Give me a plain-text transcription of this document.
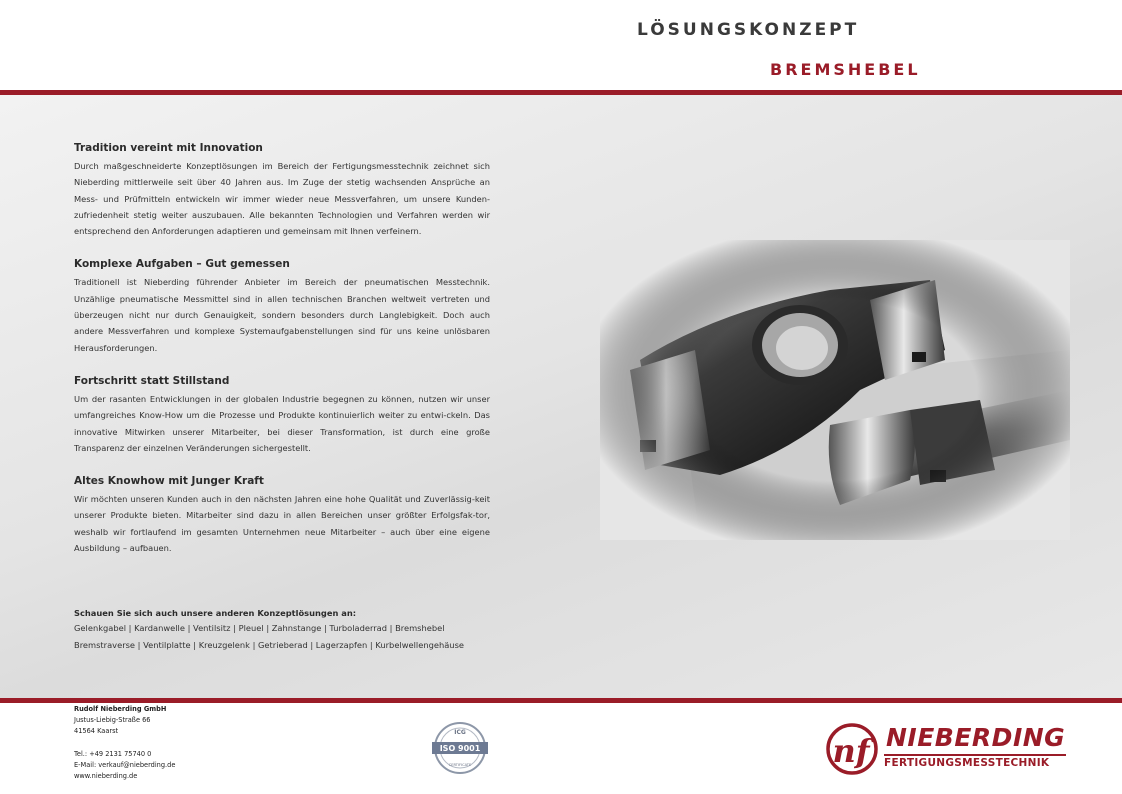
LÖSUNGSKONZEPT
BREMSHEBEL
Tradition vereint mit Innovation

Durch maßgeschneiderte Konzeptlösungen im Bereich der Fertigungsmesstechnik zeichnet sich Nieberding mittlerweile seit über 40 Jahren aus. Im Zuge der stetig wachsenden Ansprüche an Mess- und Prüfmitteln entwickeln wir immer wieder neue Messverfahren, um unsere Kunden-zufriedenheit stetig weiter auszubauen. Alle bekannten Technologien und Verfahren werden wir entsprechend den Anforderungen adaptieren und gemeinsam mit Ihnen verfeinern.

Komplexe Aufgaben – Gut gemessen

Traditionell ist Nieberding führender Anbieter im Bereich der pneumatischen Messtechnik. Unzählige pneumatische Messmittel sind in allen technischen Branchen weltweit vertreten und überzeugen nicht nur durch Genauigkeit, sondern besonders durch Langlebigkeit. Doch auch andere Messverfahren und komplexe Systemaufgabenstellungen sind für uns keine unlösbaren Herausforderungen.

Fortschritt statt Stillstand

Um der rasanten Entwicklungen in der globalen Industrie begegnen zu können, nutzen wir unser umfangreiches Know-How um die Prozesse und Produkte kontinuierlich weiter zu entwi-ckeln. Das innovative Mitwirken unserer Mitarbeiter, bei dieser Transformation, ist durch eine große Transparenz der einzelnen Veränderungen sichergestellt.

Altes Knowhow mit Junger Kraft

Wir möchten unseren Kunden auch in den nächsten Jahren eine hohe Qualität und Zuverlässig-keit unserer Produkte bieten. Mitarbeiter sind dazu in allen Bereichen unser größter Erfolgsfak-tor, weshalb wir fortlaufend im gesamten Unternehmen neue Mitarbeiter – auch über eine eigene Ausbildung – aufbauen.

Schauen Sie sich auch unsere anderen Konzeptlösungen an:
Gelenkgabel | Kardanwelle | Ventilsitz | Pleuel | Zahnstange | Turboladerrad | Bremshebel
Bremstraverse | Ventilplatte | Kreuzgelenk | Getrieberad | Lagerzapfen | Kurbelwellengehäuse
Rudolf Nieberding GmbH
Justus-Liebig-Straße 66
41564 Kaarst
Tel.: +49 2131 75740 0
E-Mail: verkauf@nieberding.de
www.nieberding.de
ICG
ISO 9001
CERTIFICATE	nf NIEBERDING
FERTIGUNGSMESSTECHNIK
